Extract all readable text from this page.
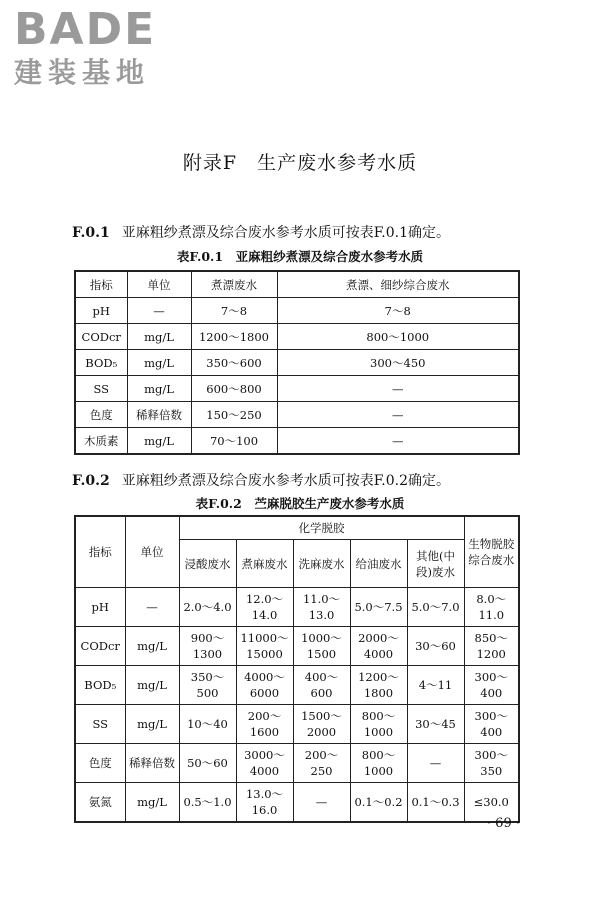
BADE
建装基地
附录F　生产废水参考水质
F.0.1 亚麻粗纱煮漂及综合废水参考水质可按表F.0.1确定。
表F.0.1　亚麻粗纱煮漂及综合废水参考水质
指标	单位	煮漂废水	煮漂、细纱综合废水
pH	—	7～8	7～8
CODcr	mg/L	1200～1800	800～1000
BOD₅	mg/L	350～600	300～450
SS	mg/L	600～800	—
色度	稀释倍数	150～250	—
木质素	mg/L	70～100	—
F.0.2 亚麻粗纱煮漂及综合废水参考水质可按表F.0.2确定。
表F.0.2　苎麻脱胶生产废水参考水质
指标	单位	化学脱胶					生物脱胶综合废水
		浸酸废水	煮麻废水	洗麻废水	给油废水	其他(中段)废水	
pH	—	2.0～4.0	12.0～14.0	11.0～13.0	5.0～7.5	5.0～7.0	8.0～11.0
CODcr	mg/L	900～1300	11000～15000	1000～1500	2000～4000	30～60	850～1200
BOD₅	mg/L	350～500	4000～6000	400～600	1200～1800	4～11	300～400
SS	mg/L	10～40	200～1600	1500～2000	800～1000	30～45	300～400
色度	稀释倍数	50～60	3000～4000	200～250	800～1000	—	300～350
氨氮	mg/L	0.5～1.0	13.0～16.0	—	0.1～0.2	0.1～0.3	≤30.0
· 69 ·
